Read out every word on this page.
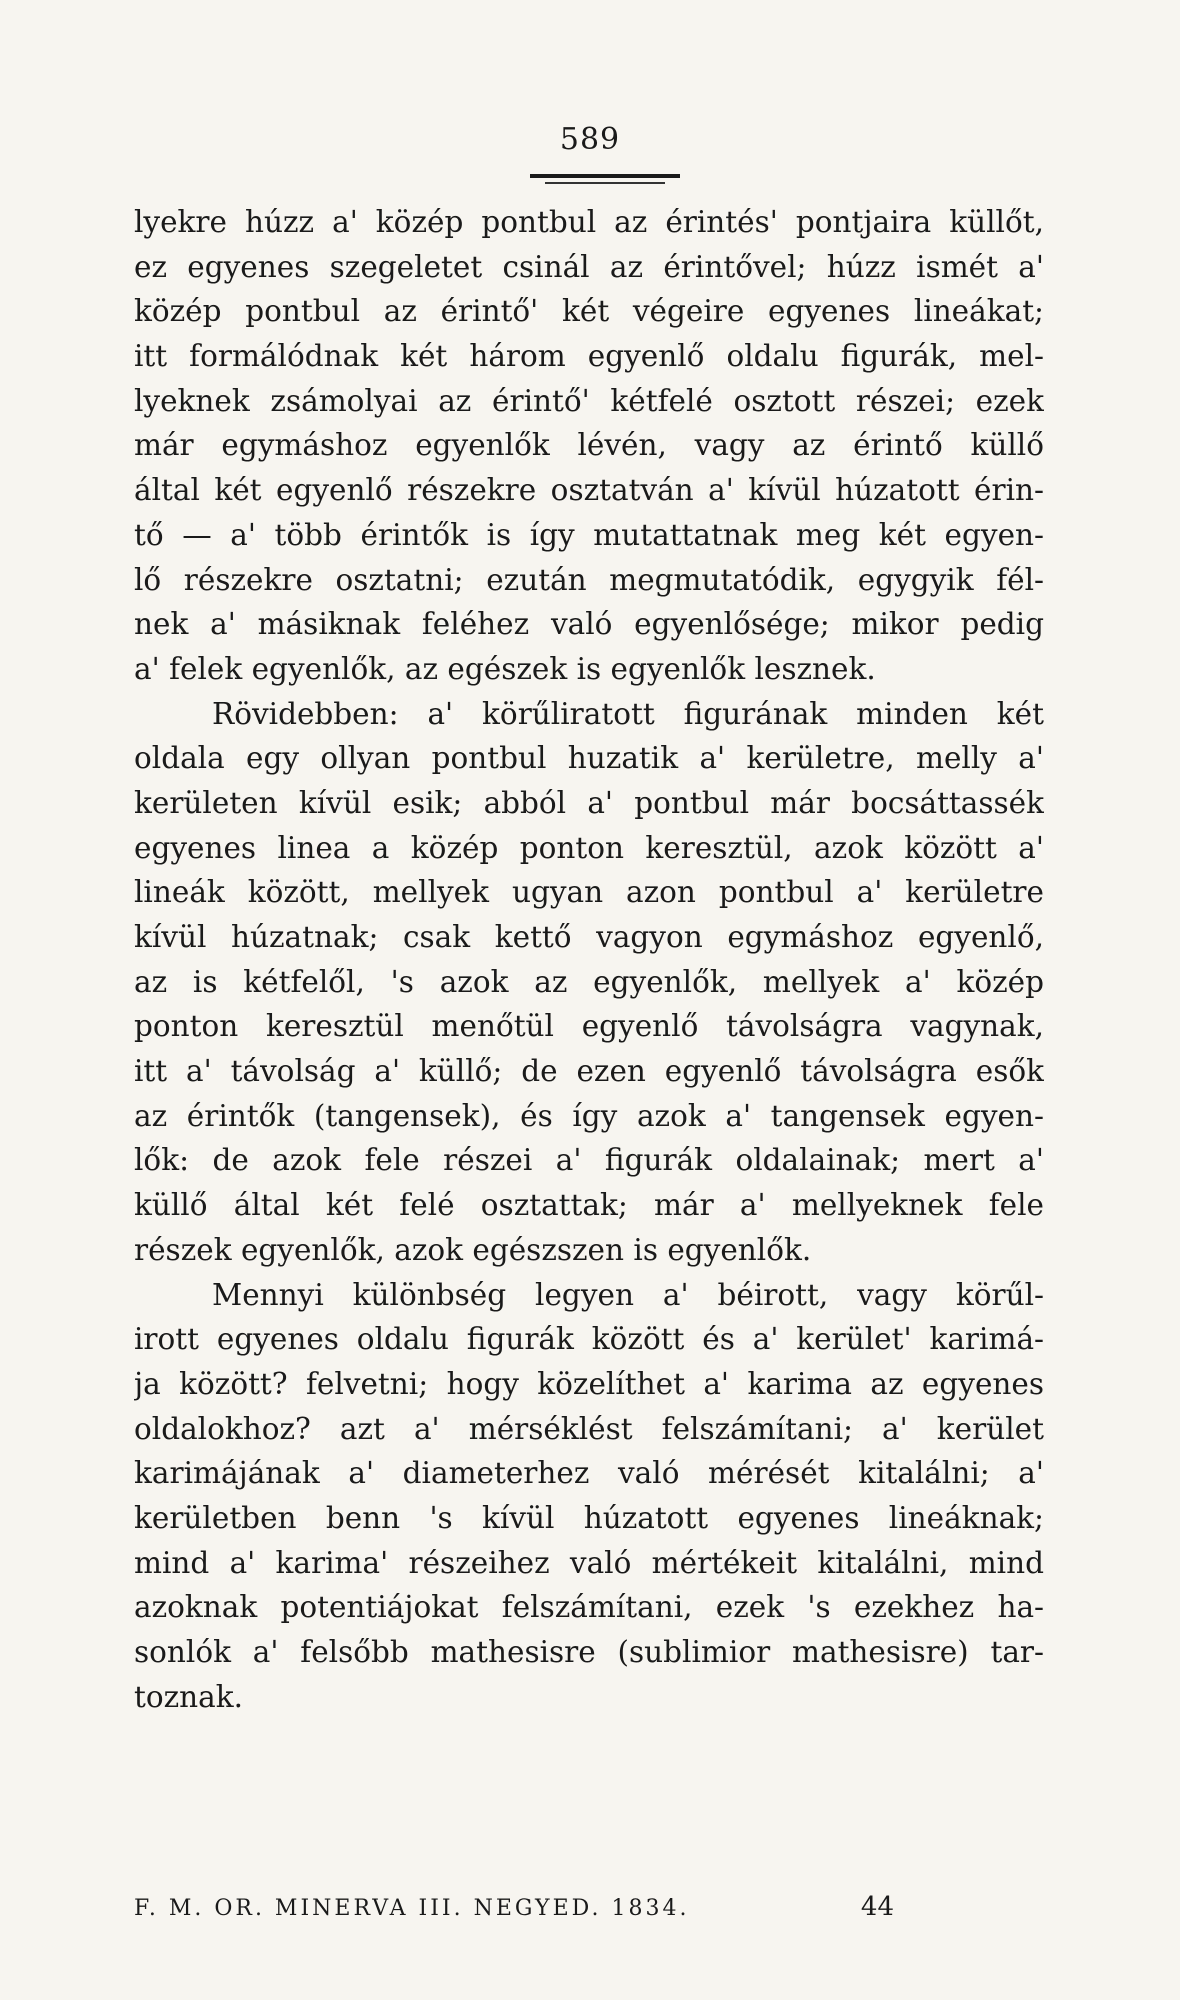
589
lyekre húzz a' közép pontbul az érintés' pontjaira küllőt,
ez egyenes szegeletet csinál az érintővel; húzz ismét a'
közép pontbul az érintő' két végeire egyenes lineákat;
itt formálódnak két három egyenlő oldalu figurák, mel-
lyeknek zsámolyai az érintő' kétfelé osztott részei; ezek
már egymáshoz egyenlők lévén, vagy az érintő küllő
által két egyenlő részekre osztatván a' kívül húzatott érin-
tő — a' több érintők is így mutattatnak meg két egyen-
lő részekre osztatni; ezután megmutatódik, egygyik fél-
nek a' másiknak feléhez való egyenlősége; mikor pedig
a' felek egyenlők, az egészek is egyenlők lesznek.
Rövidebben: a' körűliratott figurának minden két
oldala egy ollyan pontbul huzatik a' kerületre, melly a'
kerületen kívül esik; abból a' pontbul már bocsáttassék
egyenes linea a közép ponton keresztül, azok között a'
lineák között, mellyek ugyan azon pontbul a' kerületre
kívül húzatnak; csak kettő vagyon egymáshoz egyenlő,
az is kétfelől, 's azok az egyenlők, mellyek a' közép
ponton keresztül menőtül egyenlő távolságra vagynak,
itt a' távolság a' küllő; de ezen egyenlő távolságra esők
az érintők (tangensek), és így azok a' tangensek egyen-
lők: de azok fele részei a' figurák oldalainak; mert a'
küllő által két felé osztattak; már a' mellyeknek fele
részek egyenlők, azok egészszen is egyenlők.
Mennyi különbség legyen a' béirott, vagy körűl-
irott egyenes oldalu figurák között és a' kerület' karimá-
ja között? felvetni; hogy közelíthet a' karima az egyenes
oldalokhoz? azt a' mérséklést felszámítani; a' kerület
karimájának a' diameterhez való mérését kitalálni; a'
kerületben benn 's kívül húzatott egyenes lineáknak;
mind a' karima' részeihez való mértékeit kitalálni, mind
azoknak potentiájokat felszámítani, ezek 's ezekhez ha-
sonlók a' felsőbb mathesisre (sublimior mathesisre) tar-
toznak.
F. M. OR. MINERVA III. NEGYED. 1834.	44
